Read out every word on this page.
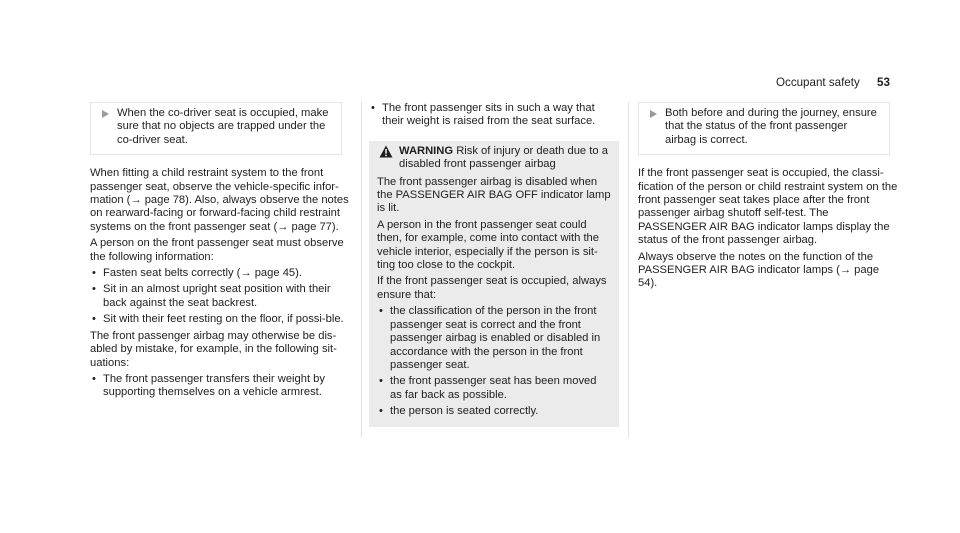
Occupant safety 53
When the co-driver seat is occupied, make sure that no objects are trapped under the co-driver seat.

When fitting a child restraint system to the front passenger seat, observe the vehicle-specific infor-mation (→ page 78). Also, always observe the notes on rearward-facing or forward-facing child restraint systems on the front passenger seat (→ page 77).

A person on the front passenger seat must observe the following information:

• Fasten seat belts correctly (→ page 45).
• Sit in an almost upright seat position with their back against the seat backrest.
• Sit with their feet resting on the floor, if possi-ble.

The front passenger airbag may otherwise be dis-abled by mistake, for example, in the following sit-uations:

• The front passenger transfers their weight by supporting themselves on a vehicle armrest.
• The front passenger sits in such a way that their weight is raised from the seat surface.
WARNING Risk of injury or death due to a disabled front passenger airbag

The front passenger airbag is disabled when the PASSENGER AIR BAG OFF indicator lamp is lit.

A person in the front passenger seat could then, for example, come into contact with the vehicle interior, especially if the person is sit-ting too close to the cockpit.

If the front passenger seat is occupied, always ensure that:

• the classification of the person in the front passenger seat is correct and the front passenger airbag is enabled or disabled in accordance with the person in the front passenger seat.
• the front passenger seat has been moved as far back as possible.
• the person is seated correctly.
Both before and during the journey, ensure that the status of the front passenger airbag is correct.

If the front passenger seat is occupied, the classi-fication of the person or child restraint system on the front passenger seat takes place after the front passenger airbag shutoff self-test. The PASSENGER AIR BAG indicator lamps display the status of the front passenger airbag.

Always observe the notes on the function of the PASSENGER AIR BAG indicator lamps (→ page 54).
